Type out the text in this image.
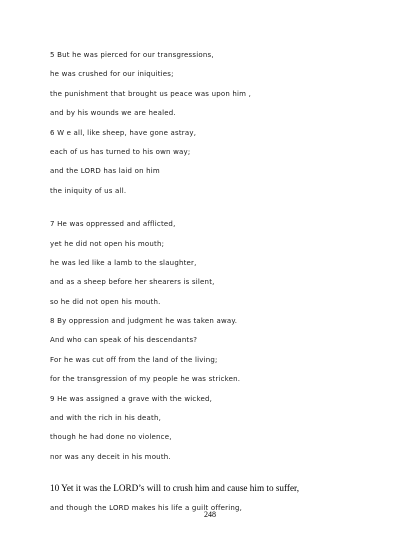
5 But he was pierced for our transgressions,
he was crushed for our iniquities;
the punishment that brought us peace was upon him ,
and by his wounds we are healed.
6 W e all, like sheep, have gone astray,
each of us has turned to his own way;
and the LORD has laid on him
the iniquity of us all.
7 He was oppressed and afflicted,
yet he did not open his mouth;
he was led like a lamb to the slaughter,
and as a sheep before her shearers is silent,
so he did not open his mouth.
8 By oppression and judgment he was taken away.
And who can speak of his descendants?
For he was cut off from the land of the living;
for the transgression of my people he was stricken.
9 He was assigned a grave with the wicked,
and with the rich in his death,
though he had done no violence,
nor was any deceit in his mouth.
10 Yet it was the LORD’s will to crush him and cause him to suffer,
and though the LORD makes his life a guilt offering,
248
